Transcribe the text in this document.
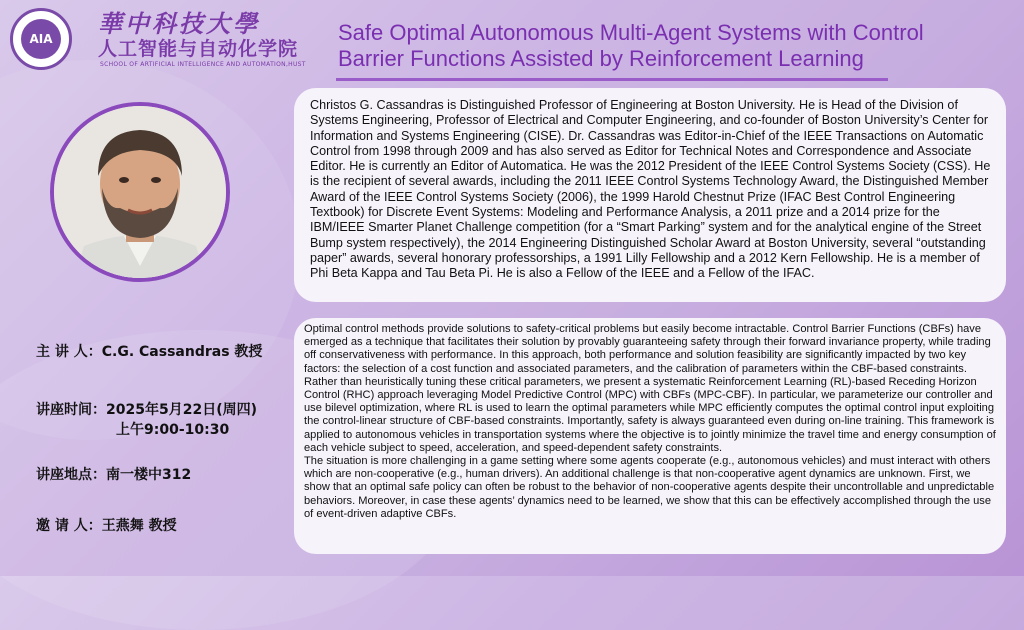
AIA
華中科技大學
人工智能与自动化学院
SCHOOL OF ARTIFICIAL INTELLIGENCE AND AUTOMATION,HUST
Safe Optimal Autonomous Multi-Agent Systems with Control
Barrier Functions Assisted by Reinforcement Learning
主 讲 人：C.G. Cassandras 教授
讲座时间：2025年5月22日(周四)
上午9:00-10:30
讲座地点：南一楼中312
邀 请 人：王燕舞 教授
Christos G. Cassandras is Distinguished Professor of Engineering at Boston University. He is Head of the Division of Systems Engineering, Professor of Electrical and Computer Engineering, and co-founder of Boston University’s Center for Information and Systems Engineering (CISE). Dr. Cassandras was Editor-in-Chief of the IEEE Transactions on Automatic Control from 1998 through 2009 and has also served as Editor for Technical Notes and Correspondence and Associate Editor. He is currently an Editor of Automatica. He was the 2012 President of the IEEE Control Systems Society (CSS). He is the recipient of several awards, including the 2011 IEEE Control Systems Technology Award, the Distinguished Member Award of the IEEE Control Systems Society (2006), the 1999 Harold Chestnut Prize (IFAC Best Control Engineering Textbook) for Discrete Event Systems: Modeling and Performance Analysis, a 2011 prize and a 2014 prize for the IBM/IEEE Smarter Planet Challenge competition (for a “Smart Parking” system and for the analytical engine of the Street Bump system respectively), the 2014 Engineering Distinguished Scholar Award at Boston University, several “outstanding paper” awards, several honorary professorships, a 1991 Lilly Fellowship and a 2012 Kern Fellowship. He is a member of Phi Beta Kappa and Tau Beta Pi. He is also a Fellow of the IEEE and a Fellow of the IFAC.

Optimal control methods provide solutions to safety-critical problems but easily become intractable. Control Barrier Functions (CBFs) have emerged as a technique that facilitates their solution by provably guaranteeing safety through their forward invariance property, while trading off conservativeness with performance. In this approach, both performance and solution feasibility are significantly impacted by two key factors: the selection of a cost function and associated parameters, and the calibration of parameters within the CBF-based constraints. Rather than heuristically tuning these critical parameters, we present a systematic Reinforcement Learning (RL)-based Receding Horizon Control (RHC) approach leveraging Model Predictive Control (MPC) with CBFs (MPC-CBF). In particular, we parameterize our controller and use bilevel optimization, where RL is used to learn the optimal parameters while MPC efficiently computes the optimal control input exploiting the control-linear structure of CBF-based constraints. Importantly, safety is always guaranteed even during on-line training. This framework is applied to autonomous vehicles in transportation systems where the objective is to jointly minimize the travel time and energy consumption of each vehicle subject to speed, acceleration, and speed-dependent safety constraints.

The situation is more challenging in a game setting where some agents cooperate (e.g., autonomous vehicles) and must interact with others which are non-cooperative (e.g., human drivers). An additional challenge is that non-cooperative agent dynamics are unknown. First, we show that an optimal safe policy can often be robust to the behavior of non-cooperative agents despite their uncontrollable and unpredictable behaviors. Moreover, in case these agents’ dynamics need to be learned, we show that this can be effectively accomplished through the use of event-driven adaptive CBFs.
